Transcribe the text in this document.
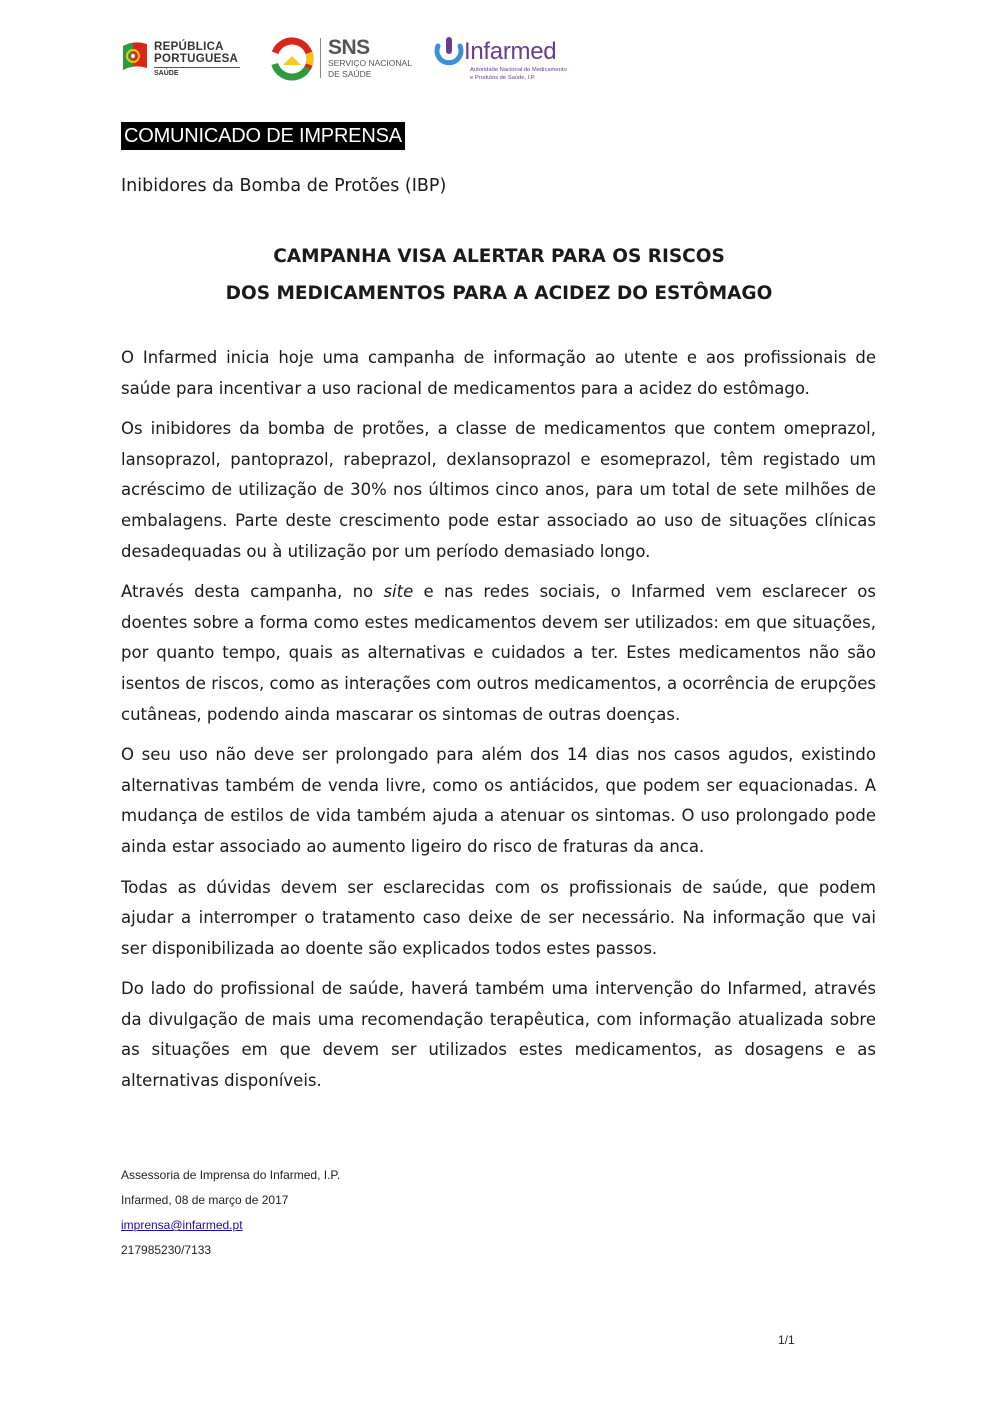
REPÚBLICA
PORTUGUESA
SAÚDE
SNS
SERVIÇO NACIONAL
DE SAÚDE
Infarmed
Autoridade Nacional do Medicamento
e Produtos de Saúde, I.P.
COMUNICADO DE IMPRENSA
Inibidores da Bomba de Protões (IBP)
CAMPANHA VISA ALERTAR PARA OS RISCOS
DOS MEDICAMENTOS PARA A ACIDEZ DO ESTÔMAGO

O Infarmed inicia hoje uma campanha de informação ao utente e aos profissionais de saúde para incentivar a uso racional de medicamentos para a acidez do estômago.

Os inibidores da bomba de protões, a classe de medicamentos que contem omeprazol, lansoprazol, pantoprazol, rabeprazol, dexlansoprazol e esomeprazol, têm registado um acréscimo de utilização de 30% nos últimos cinco anos, para um total de sete milhões de embalagens. Parte deste crescimento pode estar associado ao uso de situações clínicas desadequadas ou à utilização por um período demasiado longo.

Através desta campanha, no site e nas redes sociais, o Infarmed vem esclarecer os doentes sobre a forma como estes medicamentos devem ser utilizados: em que situações, por quanto tempo, quais as alternativas e cuidados a ter. Estes medicamentos não são isentos de riscos, como as interações com outros medicamentos, a ocorrência de erupções cutâneas, podendo ainda mascarar os sintomas de outras doenças.

O seu uso não deve ser prolongado para além dos 14 dias nos casos agudos, existindo alternativas também de venda livre, como os antiácidos, que podem ser equacionadas. A mudança de estilos de vida também ajuda a atenuar os sintomas. O uso prolongado pode ainda estar associado ao aumento ligeiro do risco de fraturas da anca.

Todas as dúvidas devem ser esclarecidas com os profissionais de saúde, que podem ajudar a interromper o tratamento caso deixe de ser necessário. Na informação que vai ser disponibilizada ao doente são explicados todos estes passos.

Do lado do profissional de saúde, haverá também uma intervenção do Infarmed, através da divulgação de mais uma recomendação terapêutica, com informação atualizada sobre as situações em que devem ser utilizados estes medicamentos, as dosagens e as alternativas disponíveis.

Assessoria de Imprensa do Infarmed, I.P.
Infarmed, 08 de março de 2017
imprensa@infarmed.pt
217985230/7133
1/1
